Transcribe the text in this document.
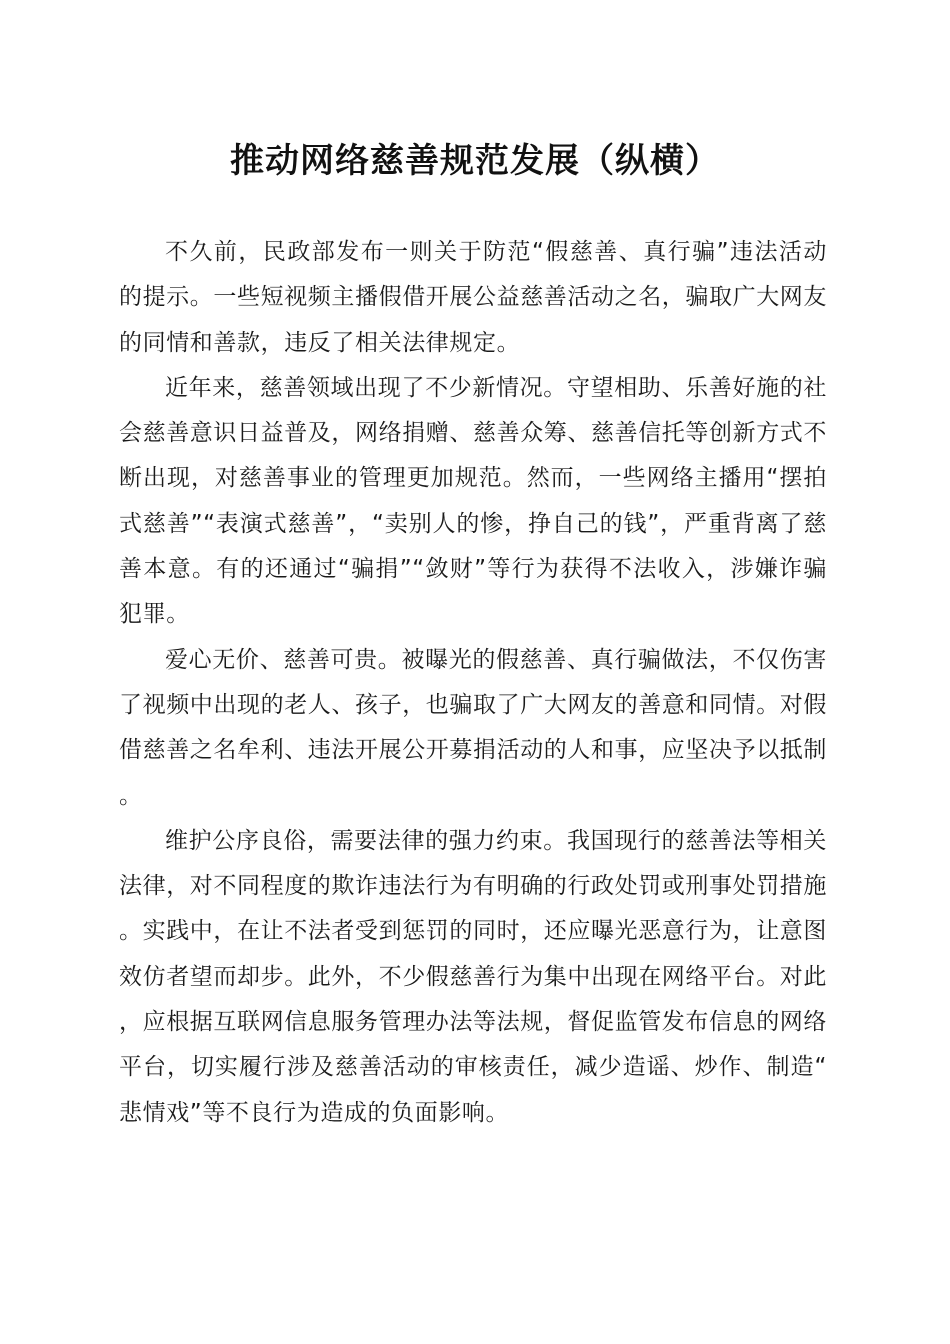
推动网络慈善规范发展（纵横）

不久前，民政部发布一则关于防范“假慈善、真行骗”违法活动的提示。一些短视频主播假借开展公益慈善活动之名，骗取广大网友的同情和善款，违反了相关法律规定。

近年来，慈善领域出现了不少新情况。守望相助、乐善好施的社会慈善意识日益普及，网络捐赠、慈善众筹、慈善信托等创新方式不断出现，对慈善事业的管理更加规范。然而，一些网络主播用“摆拍式慈善”“表演式慈善”，“卖别人的惨，挣自己的钱”，严重背离了慈善本意。有的还通过“骗捐”“敛财”等行为获得不法收入，涉嫌诈骗犯罪。

爱心无价、慈善可贵。被曝光的假慈善、真行骗做法，不仅伤害了视频中出现的老人、孩子，也骗取了广大网友的善意和同情。对假借慈善之名牟利、违法开展公开募捐活动的人和事，应坚决予以抵制。

维护公序良俗，需要法律的强力约束。我国现行的慈善法等相关法律，对不同程度的欺诈违法行为有明确的行政处罚或刑事处罚措施。实践中，在让不法者受到惩罚的同时，还应曝光恶意行为，让意图效仿者望而却步。此外，不少假慈善行为集中出现在网络平台。对此，应根据互联网信息服务管理办法等法规，督促监管发布信息的网络平台，切实履行涉及慈善活动的审核责任，减少造谣、炒作、制造“悲情戏”等不良行为造成的负面影响。
